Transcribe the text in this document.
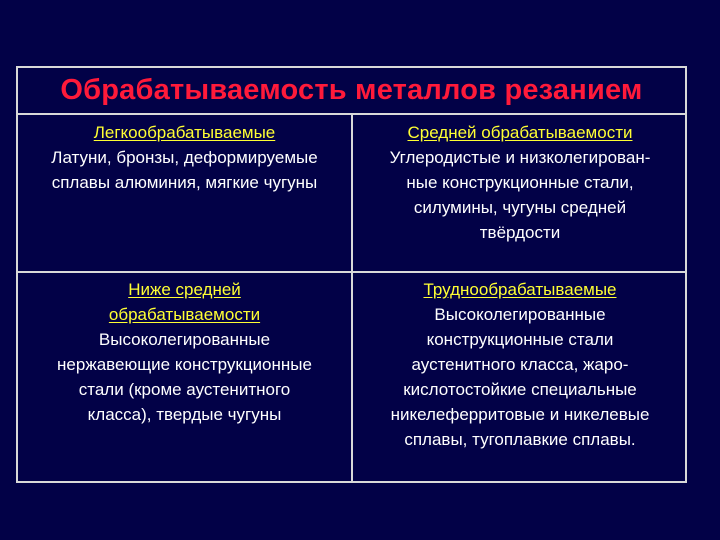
Обрабатываемость металлов резанием
Легкообрабатываемые
Латуни, бронзы, деформируемые
сплавы алюминия, мягкие чугуны
Средней обрабатываемости
Углеродистые и низколегирован-
ные конструкционные стали,
силумины, чугуны средней
твёрдости
Ниже средней
обрабатываемости
Высоколегированные
нержавеющие конструкционные
стали (кроме аустенитного
класса), твердые чугуны
Труднообрабатываемые
Высоколегированные
конструкционные стали
аустенитного класса, жаро-
кислотостойкие специальные
никелеферритовые и никелевые
сплавы, тугоплавкие сплавы.
